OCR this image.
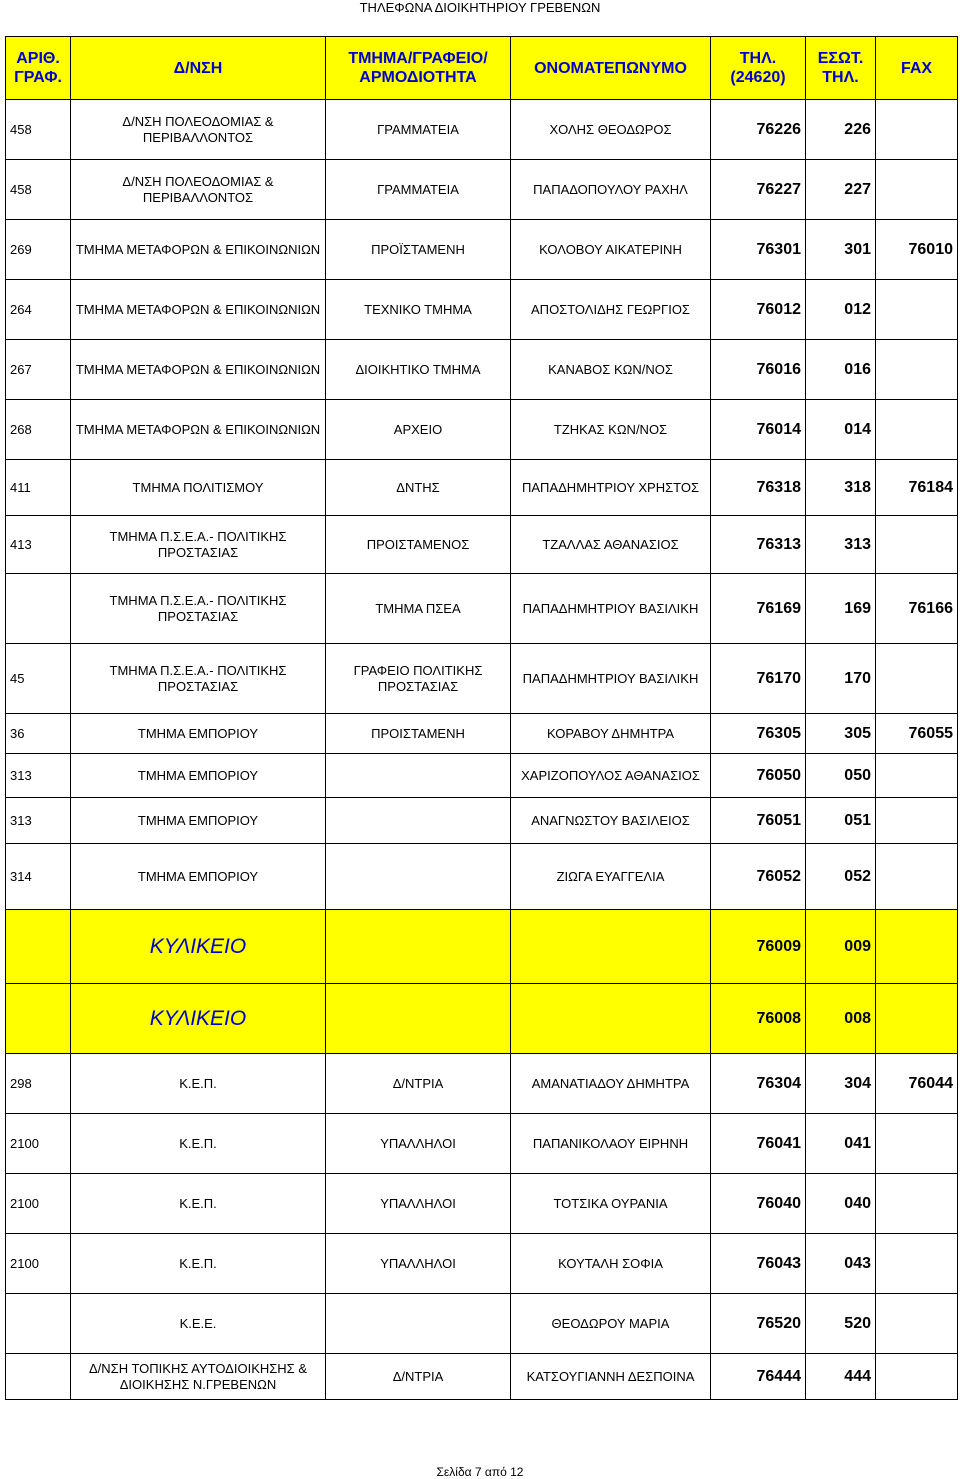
ΤΗΛΕΦΩΝΑ ΔΙΟΙΚΗΤΗΡΙΟΥ ΓΡΕΒΕΝΩΝ
ΑΡΙΘ. ΓΡΑΦ.	Δ/ΝΣΗ	ΤΜΗΜΑ/ΓΡΑΦΕΙΟ/ ΑΡΜΟΔΙΟΤΗΤΑ	ΟΝΟΜΑΤΕΠΩΝΥΜΟ	ΤΗΛ. (24620)	ΕΣΩΤ. ΤΗΛ.	FAX
458	Δ/ΝΣΗ ΠΟΛΕΟΔΟΜΙΑΣ & ΠΕΡΙΒΑΛΛΟΝΤΟΣ	ΓΡΑΜΜΑΤΕΙΑ	ΧΟΛΗΣ ΘΕΟΔΩΡΟΣ	76226	226	
458	Δ/ΝΣΗ ΠΟΛΕΟΔΟΜΙΑΣ & ΠΕΡΙΒΑΛΛΟΝΤΟΣ	ΓΡΑΜΜΑΤΕΙΑ	ΠΑΠΑΔΟΠΟΥΛΟΥ ΡΑΧΗΛ	76227	227	
269	ΤΜΗΜΑ ΜΕΤΑΦΟΡΩΝ & ΕΠΙΚΟΙΝΩΝΙΩΝ	ΠΡΟΪΣΤΑΜΕΝΗ	ΚΟΛΟΒΟΥ ΑΙΚΑΤΕΡΙΝΗ	76301	301	76010
264	ΤΜΗΜΑ ΜΕΤΑΦΟΡΩΝ & ΕΠΙΚΟΙΝΩΝΙΩΝ	ΤΕΧΝΙΚΟ ΤΜΗΜΑ	ΑΠΟΣΤΟΛΙΔΗΣ ΓΕΩΡΓΙΟΣ	76012	012	
267	ΤΜΗΜΑ ΜΕΤΑΦΟΡΩΝ & ΕΠΙΚΟΙΝΩΝΙΩΝ	ΔΙΟΙΚΗΤΙΚΟ ΤΜΗΜΑ	ΚΑΝΑΒΟΣ ΚΩΝ/ΝΟΣ	76016	016	
268	ΤΜΗΜΑ ΜΕΤΑΦΟΡΩΝ & ΕΠΙΚΟΙΝΩΝΙΩΝ	ΑΡΧΕΙΟ	ΤΖΗΚΑΣ ΚΩΝ/ΝΟΣ	76014	014	
411	ΤΜΗΜΑ ΠΟΛΙΤΙΣΜΟΥ	ΔΝΤΗΣ	ΠΑΠΑΔΗΜΗΤΡΙΟΥ ΧΡΗΣΤΟΣ	76318	318	76184
413	ΤΜΗΜΑ Π.Σ.Ε.Α.- ΠΟΛΙΤΙΚΗΣ ΠΡΟΣΤΑΣΙΑΣ	ΠΡΟΙΣΤΑΜΕΝΟΣ	ΤΖΑΛΛΑΣ ΑΘΑΝΑΣΙΟΣ	76313	313	
	ΤΜΗΜΑ Π.Σ.Ε.Α.- ΠΟΛΙΤΙΚΗΣ ΠΡΟΣΤΑΣΙΑΣ	ΤΜΗΜΑ ΠΣΕΑ	ΠΑΠΑΔΗΜΗΤΡΙΟΥ ΒΑΣΙΛΙΚΗ	76169	169	76166
45	ΤΜΗΜΑ Π.Σ.Ε.Α.- ΠΟΛΙΤΙΚΗΣ ΠΡΟΣΤΑΣΙΑΣ	ΓΡΑΦΕΙΟ ΠΟΛΙΤΙΚΗΣ ΠΡΟΣΤΑΣΙΑΣ	ΠΑΠΑΔΗΜΗΤΡΙΟΥ ΒΑΣΙΛΙΚΗ	76170	170	
36	ΤΜΗΜΑ ΕΜΠΟΡΙΟΥ	ΠΡΟΙΣΤΑΜΕΝΗ	ΚΟΡΑΒΟΥ ΔΗΜΗΤΡΑ	76305	305	76055
313	ΤΜΗΜΑ ΕΜΠΟΡΙΟΥ		ΧΑΡΙΖΟΠΟΥΛΟΣ ΑΘΑΝΑΣΙΟΣ	76050	050	
313	ΤΜΗΜΑ ΕΜΠΟΡΙΟΥ		ΑΝΑΓΝΩΣΤΟΥ ΒΑΣΙΛΕΙΟΣ	76051	051	
314	ΤΜΗΜΑ ΕΜΠΟΡΙΟΥ		ΖΙΩΓΑ ΕΥΑΓΓΕΛΙΑ	76052	052	
	ΚΥΛΙΚΕΙΟ			76009	009	
	ΚΥΛΙΚΕΙΟ			76008	008	
298	Κ.Ε.Π.	Δ/ΝΤΡΙΑ	ΑΜΑΝΑΤΙΑΔΟΥ ΔΗΜΗΤΡΑ	76304	304	76044
2100	Κ.Ε.Π.	ΥΠΑΛΛΗΛΟΙ	ΠΑΠΑΝΙΚΟΛΑΟΥ ΕΙΡΗΝΗ	76041	041	
2100	Κ.Ε.Π.	ΥΠΑΛΛΗΛΟΙ	ΤΟΤΣΙΚΑ ΟΥΡΑΝΙΑ	76040	040	
2100	Κ.Ε.Π.	ΥΠΑΛΛΗΛΟΙ	ΚΟΥΤΑΛΗ ΣΟΦΙΑ	76043	043	
	Κ.Ε.Ε.		ΘΕΟΔΩΡΟΥ ΜΑΡΙΑ	76520	520	
	Δ/ΝΣΗ ΤΟΠΙΚΗΣ ΑΥΤΟΔΙΟΙΚΗΣΗΣ & ΔΙΟΙΚΗΣΗΣ Ν.ΓΡΕΒΕΝΩΝ	Δ/ΝΤΡΙΑ	ΚΑΤΣΟΥΓΙΑΝΝΗ ΔΕΣΠΟΙΝΑ	76444	444	
Σελίδα 7 από 12
